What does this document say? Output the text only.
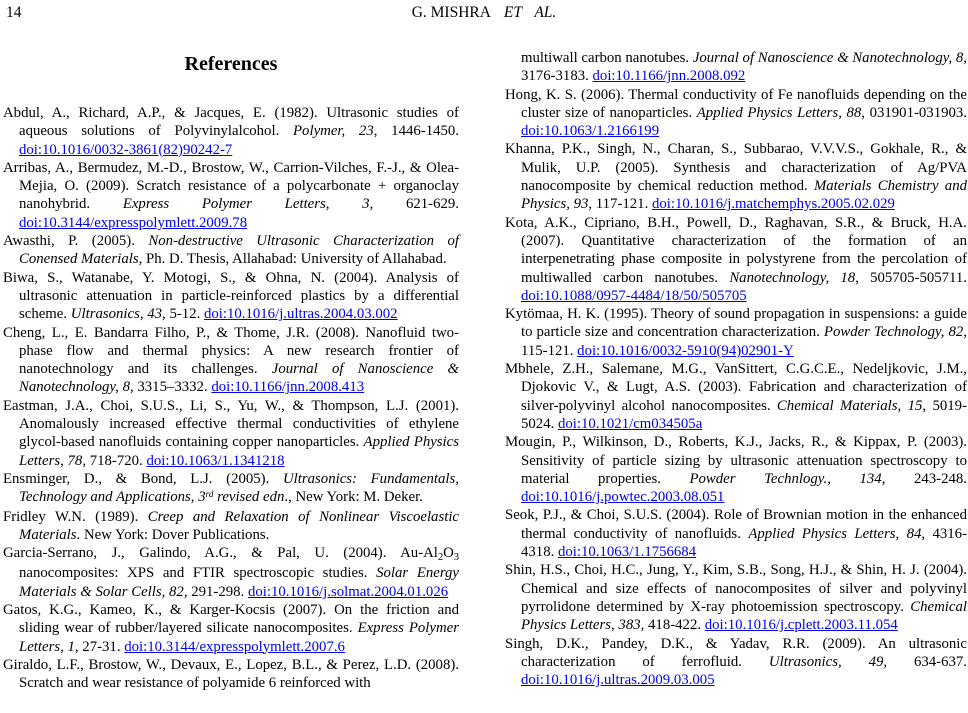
14	G. MISHRA ET AL.
References

Abdul, A., Richard, A.P., & Jacques, E. (1982). Ultrasonic studies of aqueous solutions of Polyvinylalcohol. Polymer, 23, 1446-1450. doi:10.1016/0032-3861(82)90242-7

Arribas, A., Bermudez, M.-D., Brostow, W., Carrion-Vilches, F.-J., & Olea-Mejia, O. (2009). Scratch resistance of a polycarbonate + organoclay nanohybrid. Express Polymer Letters, 3, 621-629. doi:10.3144/expresspolymlett.2009.78

Awasthi, P. (2005). Non-destructive Ultrasonic Characterization of Conensed Materials, Ph. D. Thesis, Allahabad: University of Allahabad.

Biwa, S., Watanabe, Y. Motogi, S., & Ohna, N. (2004). Analysis of ultrasonic attenuation in particle-reinforced plastics by a differential scheme. Ultrasonics, 43, 5-12. doi:10.1016/j.ultras.2004.03.002

Cheng, L., E. Bandarra Filho, P., & Thome, J.R. (2008). Nanofluid two-phase flow and thermal physics: A new research frontier of nanotechnology and its challenges. Journal of Nanoscience & Nanotechnology, 8, 3315–3332. doi:10.1166/jnn.2008.413

Eastman, J.A., Choi, S.U.S., Li, S., Yu, W., & Thompson, L.J. (2001). Anomalously increased effective thermal conductivities of ethylene glycol-based nanofluids containing copper nanoparticles. Applied Physics Letters, 78, 718-720. doi:10.1063/1.1341218

Ensminger, D., & Bond, L.J. (2005). Ultrasonics: Fundamentals, Technology and Applications, 3rd revised edn., New York: M. Deker.

Fridley W.N. (1989). Creep and Relaxation of Nonlinear Viscoelastic Materials. New York: Dover Publications.

Garcia-Serrano, J., Galindo, A.G., & Pal, U. (2004). Au-Al2O3 nanocomposites: XPS and FTIR spectroscopic studies. Solar Energy Materials & Solar Cells, 82, 291-298. doi:10.1016/j.solmat.2004.01.026

Gatos, K.G., Kameo, K., & Karger-Kocsis (2007). On the friction and sliding wear of rubber/layered silicate nanocomposites. Express Polymer Letters, 1, 27-31. doi:10.3144/expresspolymlett.2007.6

Giraldo, L.F., Brostow, W., Devaux, E., Lopez, B.L., & Perez, L.D. (2008). Scratch and wear resistance of polyamide 6 reinforced with

multiwall carbon nanotubes. Journal of Nanoscience & Nanotechnology, 8, 3176-3183. doi:10.1166/jnn.2008.092

Hong, K. S. (2006). Thermal conductivity of Fe nanofluids depending on the cluster size of nanoparticles. Applied Physics Letters, 88, 031901-031903. doi:10.1063/1.2166199

Khanna, P.K., Singh, N., Charan, S., Subbarao, V.V.V.S., Gokhale, R., & Mulik, U.P. (2005). Synthesis and characterization of Ag/PVA nanocomposite by chemical reduction method. Materials Chemistry and Physics, 93, 117-121. doi:10.1016/j.matchemphys.2005.02.029

Kota, A.K., Cipriano, B.H., Powell, D., Raghavan, S.R., & Bruck, H.A. (2007). Quantitative characterization of the formation of an interpenetrating phase composite in polystyrene from the percolation of multiwalled carbon nanotubes. Nanotechnology, 18, 505705-505711. doi:10.1088/0957-4484/18/50/505705

Kytömaa, H. K. (1995). Theory of sound propagation in suspensions: a guide to particle size and concentration characterization. Powder Technology, 82, 115-121. doi:10.1016/0032-5910(94)02901-Y

Mbhele, Z.H., Salemane, M.G., VanSittert, C.G.C.E., Nedeljkovic, J.M., Djokovic V., & Lugt, A.S. (2003). Fabrication and characterization of silver-polyvinyl alcohol nanocomposites. Chemical Materials, 15, 5019-5024. doi:10.1021/cm034505a

Mougin, P., Wilkinson, D., Roberts, K.J., Jacks, R., & Kippax, P. (2003). Sensitivity of particle sizing by ultrasonic attenuation spectroscopy to material properties. Powder Technlogy., 134, 243-248. doi:10.1016/j.powtec.2003.08.051

Seok, P.J., & Choi, S.U.S. (2004). Role of Brownian motion in the enhanced thermal conductivity of nanofluids. Applied Physics Letters, 84, 4316-4318. doi:10.1063/1.1756684

Shin, H.S., Choi, H.C., Jung, Y., Kim, S.B., Song, H.J., & Shin, H. J. (2004). Chemical and size effects of nanocomposites of silver and polyvinyl pyrrolidone determined by X-ray photoemission spectroscopy. Chemical Physics Letters, 383, 418-422. doi:10.1016/j.cplett.2003.11.054

Singh, D.K., Pandey, D.K., & Yadav, R.R. (2009). An ultrasonic characterization of ferrofluid. Ultrasonics, 49, 634-637. doi:10.1016/j.ultras.2009.03.005
